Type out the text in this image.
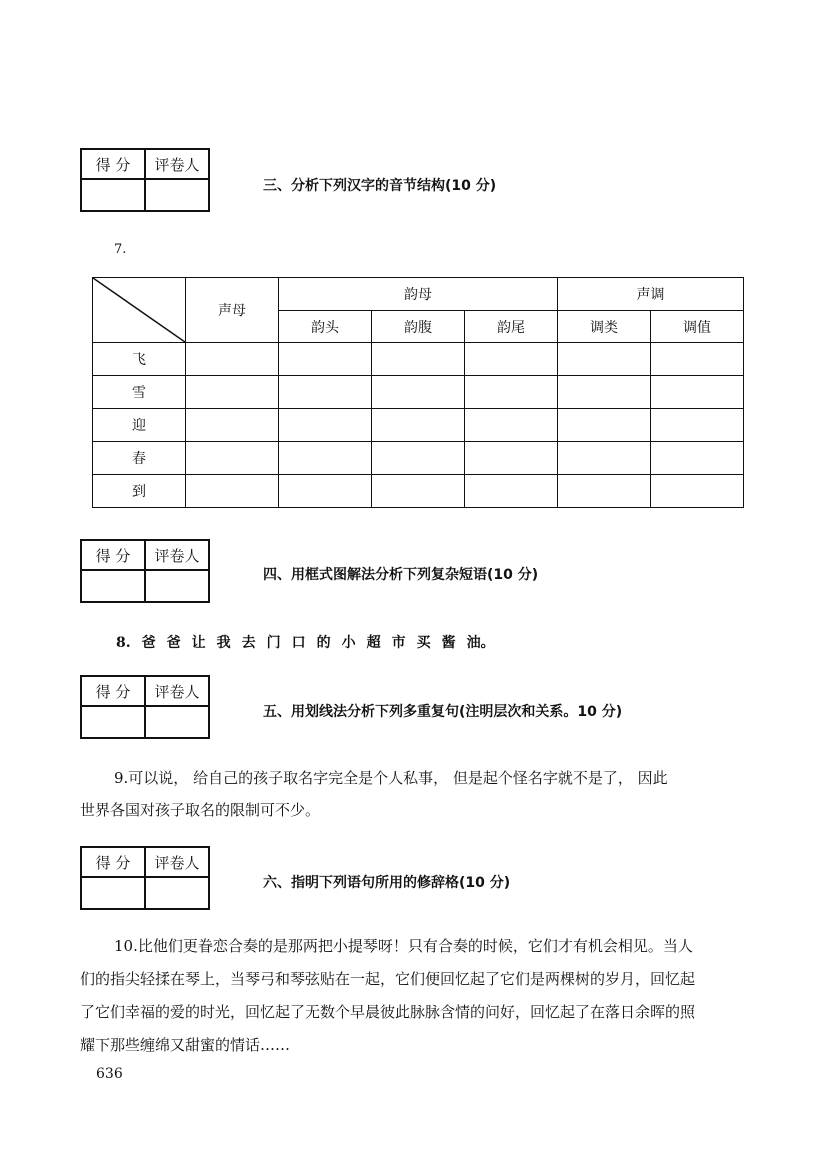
得 分	评卷人

三、分析下列汉字的音节结构(10 分)
7.
	声母	韵母			声调	
		韵头	韵腹	韵尾	调类	调值
飞						
雪						
迎						
春						
到						
得 分	评卷人

四、用框式图解法分析下列复杂短语(10 分)
8. 爸 爸 让 我 去 门 口 的 小 超 市 买 酱 油。
得 分	评卷人

五、用划线法分析下列多重复句(注明层次和关系。10 分)
9.可以说， 给自己的孩子取名字完全是个人私事， 但是起个怪名字就不是了， 因此
世界各国对孩子取名的限制可不少。
得 分	评卷人

六、指明下列语句所用的修辞格(10 分)
10.比他们更眷恋合奏的是那两把小提琴呀！只有合奏的时候，它们才有机会相见。当人
们的指尖轻揉在琴上，当琴弓和琴弦贴在一起，它们便回忆起了它们是两棵树的岁月，回忆起
了它们幸福的爱的时光，回忆起了无数个早晨彼此脉脉含情的问好，回忆起了在落日余晖的照
耀下那些缠绵又甜蜜的情话……
636
